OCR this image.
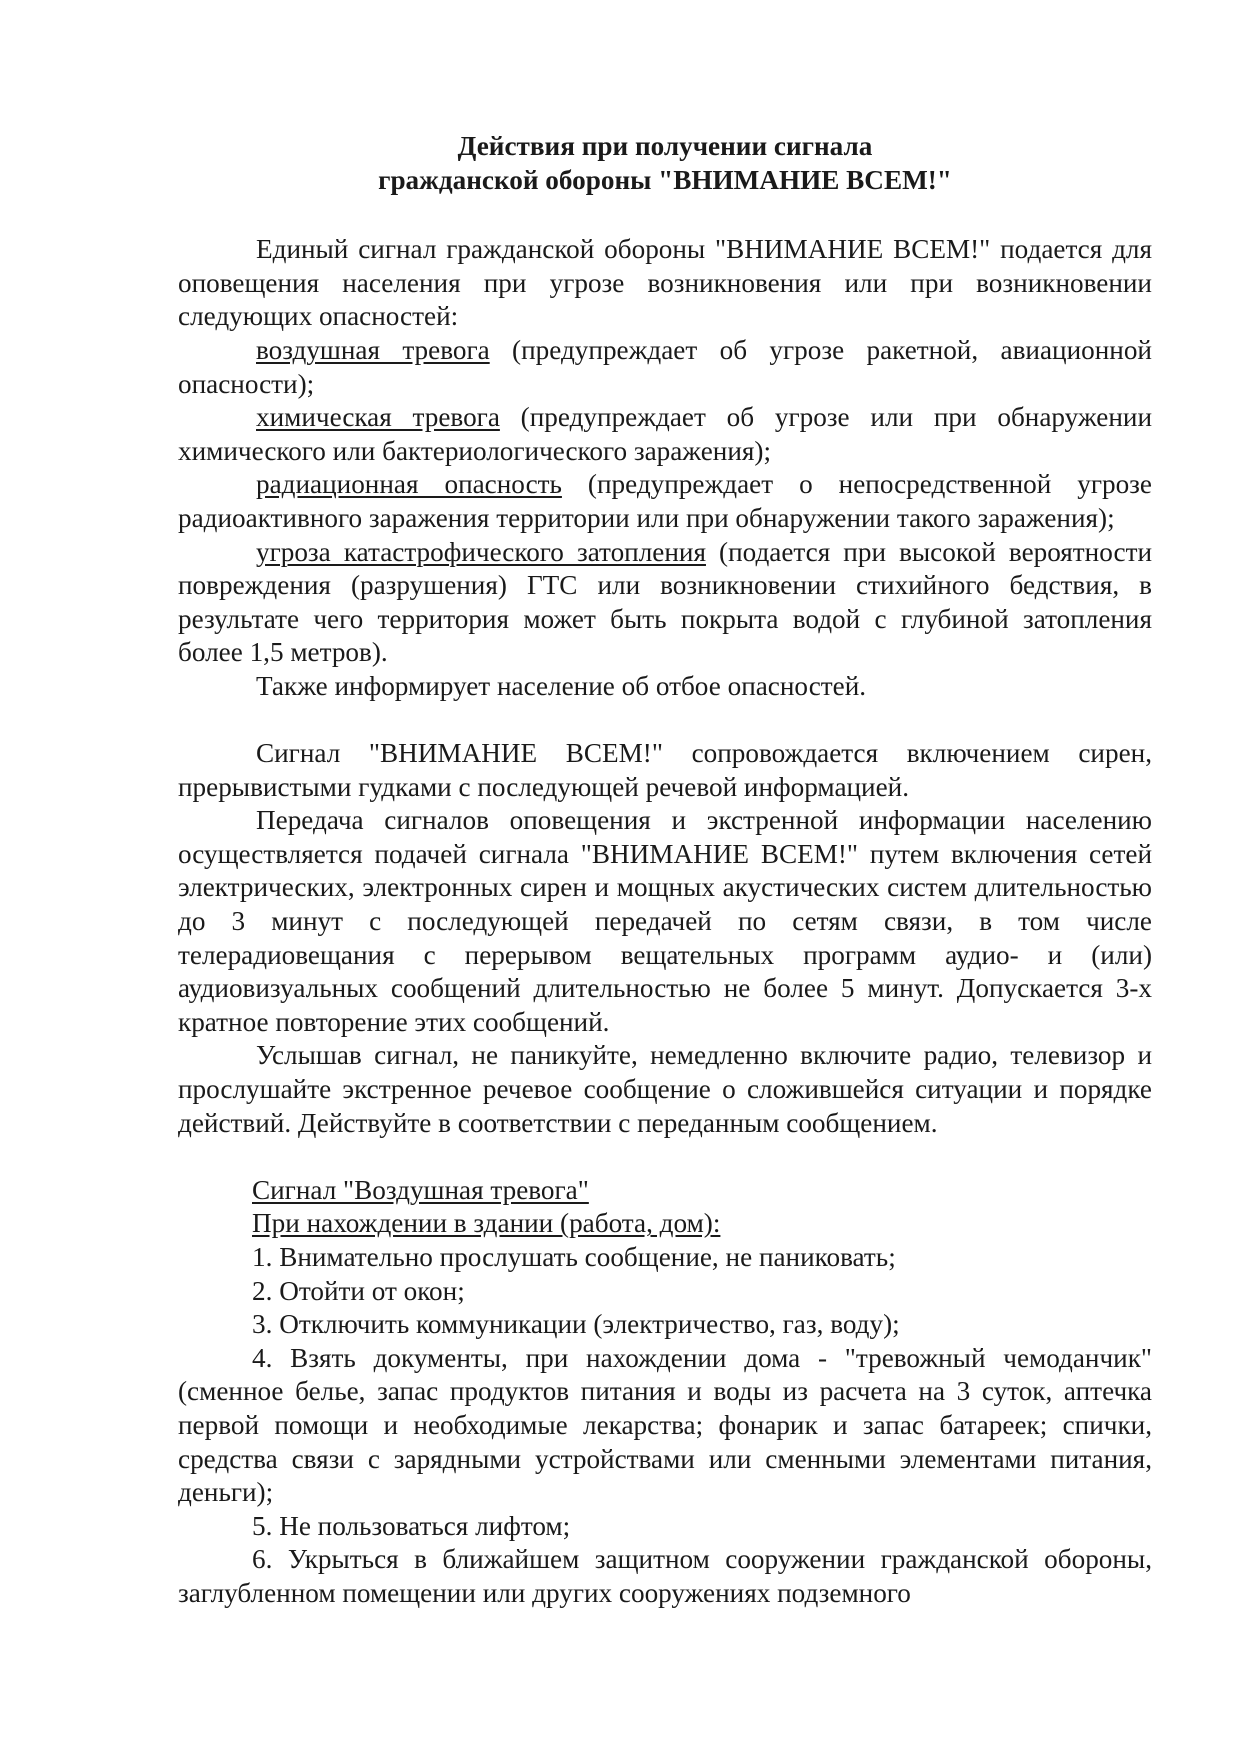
Действия при получении сигнала
гражданской обороны "ВНИМАНИЕ ВСЕМ!"

Единый сигнал гражданской обороны "ВНИМАНИЕ ВСЕМ!" подается для оповещения населения при угрозе возникновения или при возникновении следующих опасностей:

воздушная тревога (предупреждает об угрозе ракетной, авиационной опасности);

химическая тревога (предупреждает об угрозе или при обнаружении химического или бактериологического заражения);

радиационная опасность (предупреждает о непосредственной угрозе радиоактивного заражения территории или при обнаружении такого заражения);

угроза катастрофического затопления (подается при высокой вероятности повреждения (разрушения) ГТС или возникновении стихийного бедствия, в результате чего территория может быть покрыта водой с глубиной затопления более 1,5 метров).

Также информирует население об отбое опасностей.

Сигнал "ВНИМАНИЕ ВСЕМ!" сопровождается включением сирен, прерывистыми гудками с последующей речевой информацией.

Передача сигналов оповещения и экстренной информации населению осуществляется подачей сигнала "ВНИМАНИЕ ВСЕМ!" путем включения сетей электрических, электронных сирен и мощных акустических систем длительностью до 3 минут с последующей передачей по сетям связи, в том числе телерадиовещания с перерывом вещательных программ аудио- и (или) аудиовизуальных сообщений длительностью не более 5 минут. Допускается 3-х кратное повторение этих сообщений.

Услышав сигнал, не паникуйте, немедленно включите радио, телевизор и прослушайте экстренное речевое сообщение о сложившейся ситуации и порядке действий. Действуйте в соответствии с переданным сообщением.

Сигнал "Воздушная тревога"
При нахождении в здании (работа, дом):
1. Внимательно прослушать сообщение, не паниковать;
2. Отойти от окон;
3. Отключить коммуникации (электричество, газ, воду);
4. Взять документы, при нахождении дома - "тревожный чемоданчик" (сменное белье, запас продуктов питания и воды из расчета на 3 суток, аптечка первой помощи и необходимые лекарства; фонарик и запас батареек; спички, средства связи с зарядными устройствами или сменными элементами питания, деньги);
5. Не пользоваться лифтом;
6. Укрыться в ближайшем защитном сооружении гражданской обороны, заглубленном помещении или других сооружениях подземного
